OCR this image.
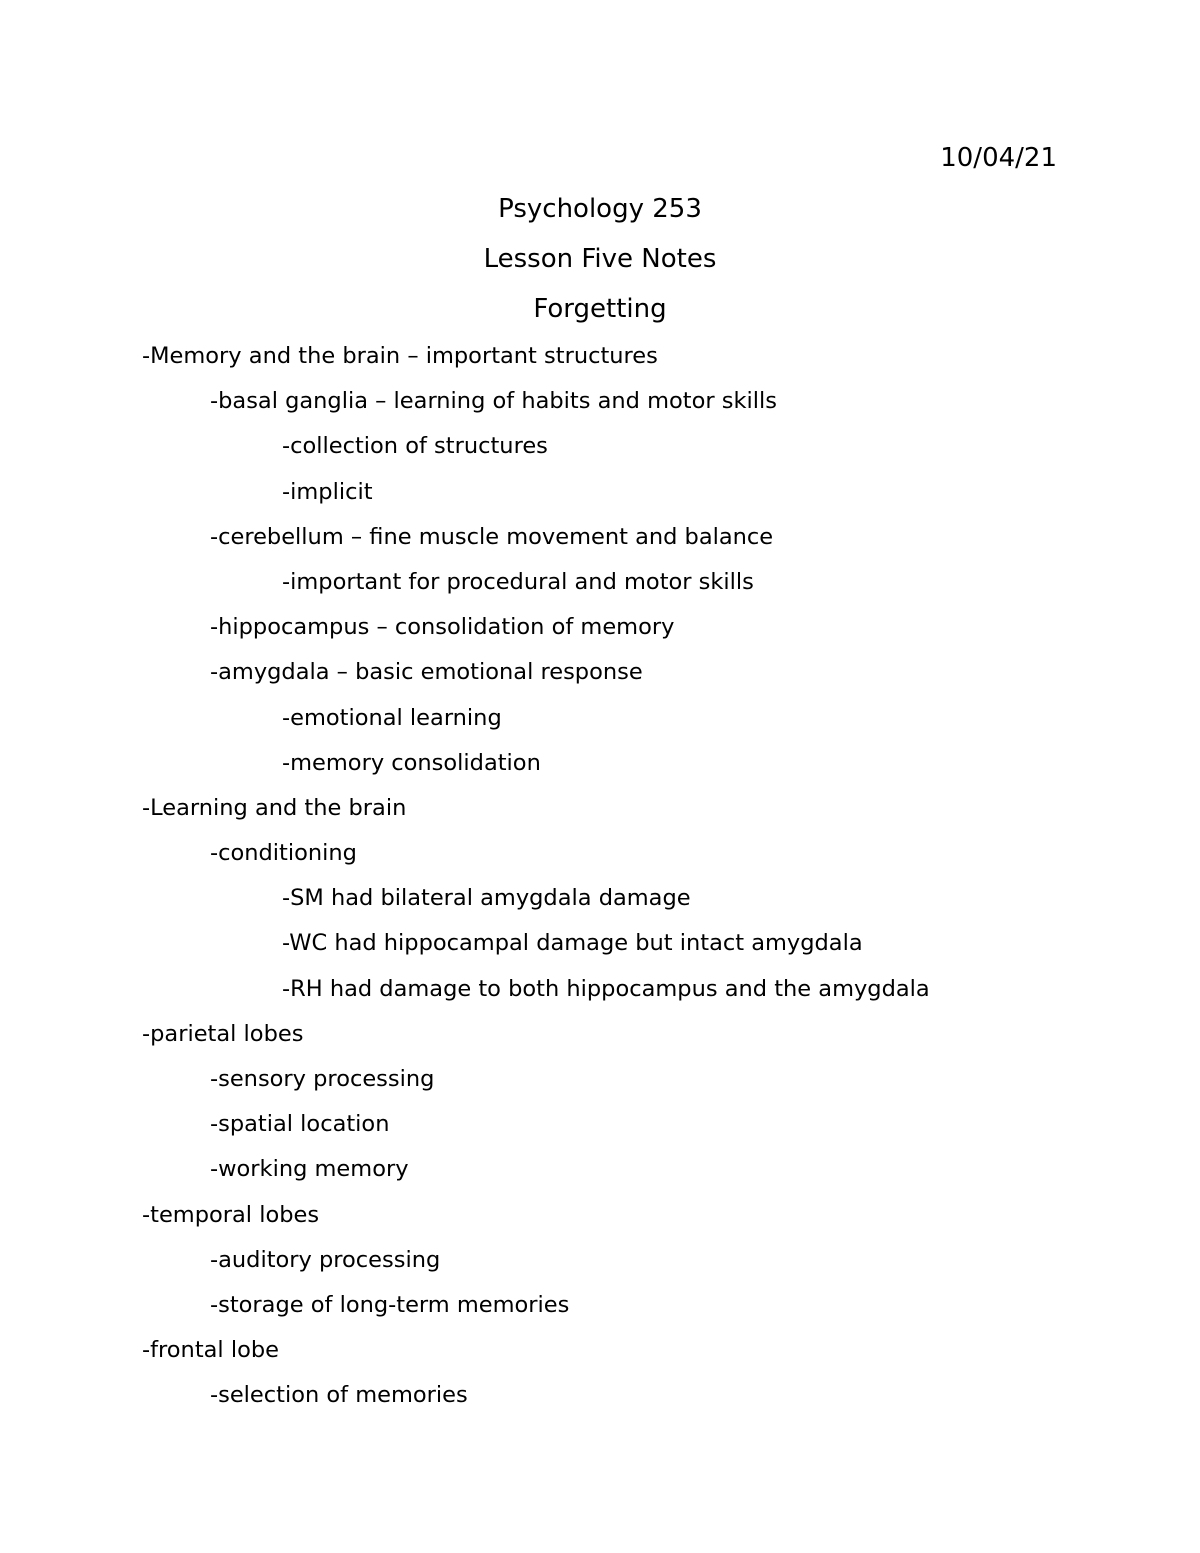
10/04/21
Psychology 253
Lesson Five Notes
Forgetting
-Memory and the brain – important structures
-basal ganglia – learning of habits and motor skills
-collection of structures
-implicit
-cerebellum – fine muscle movement and balance
-important for procedural and motor skills
-hippocampus – consolidation of memory
-amygdala – basic emotional response
-emotional learning
-memory consolidation
-Learning and the brain
-conditioning
-SM had bilateral amygdala damage
-WC had hippocampal damage but intact amygdala
-RH had damage to both hippocampus and the amygdala
-parietal lobes
-sensory processing
-spatial location
-working memory
-temporal lobes
-auditory processing
-storage of long-term memories
-frontal lobe
-selection of memories
